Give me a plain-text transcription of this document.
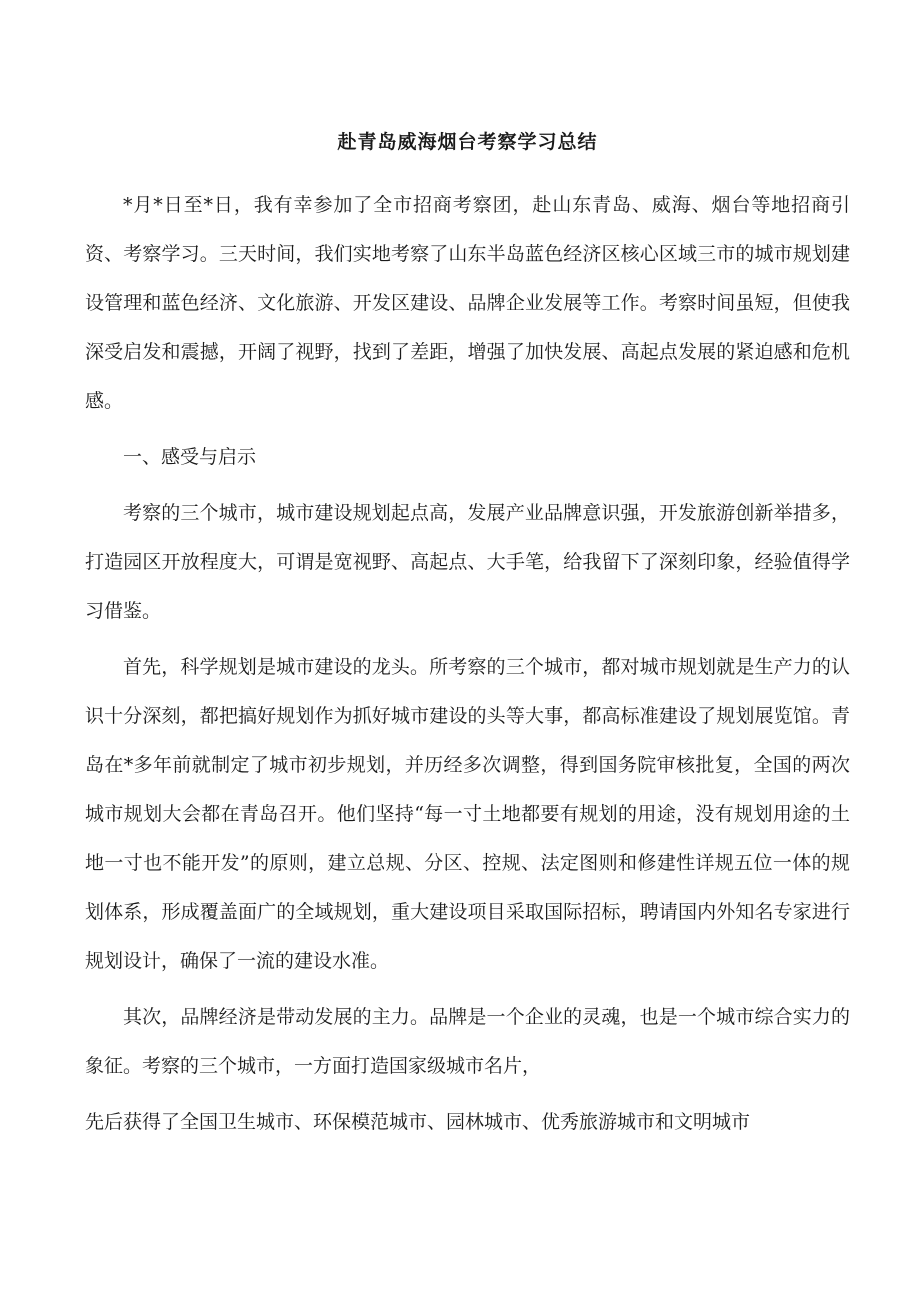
赴青岛威海烟台考察学习总结

*月*日至*日，我有幸参加了全市招商考察团，赴山东青岛、威海、烟台等地招商引资、考察学习。三天时间，我们实地考察了山东半岛蓝色经济区核心区域三市的城市规划建设管理和蓝色经济、文化旅游、开发区建设、品牌企业发展等工作。考察时间虽短，但使我深受启发和震撼，开阔了视野，找到了差距，增强了加快发展、高起点发展的紧迫感和危机感。

一、感受与启示

考察的三个城市，城市建设规划起点高，发展产业品牌意识强，开发旅游创新举措多，打造园区开放程度大，可谓是宽视野、高起点、大手笔，给我留下了深刻印象，经验值得学习借鉴。

首先，科学规划是城市建设的龙头。所考察的三个城市，都对城市规划就是生产力的认识十分深刻，都把搞好规划作为抓好城市建设的头等大事，都高标准建设了规划展览馆。青岛在*多年前就制定了城市初步规划，并历经多次调整，得到国务院审核批复，全国的两次城市规划大会都在青岛召开。他们坚持“每一寸土地都要有规划的用途，没有规划用途的土地一寸也不能开发”的原则，建立总规、分区、控规、法定图则和修建性详规五位一体的规划体系，形成覆盖面广的全域规划，重大建设项目采取国际招标，聘请国内外知名专家进行规划设计，确保了一流的建设水准。

其次，品牌经济是带动发展的主力。品牌是一个企业的灵魂，也是一个城市综合实力的象征。考察的三个城市，一方面打造国家级城市名片，

先后获得了全国卫生城市、环保模范城市、园林城市、优秀旅游城市和文明城市
